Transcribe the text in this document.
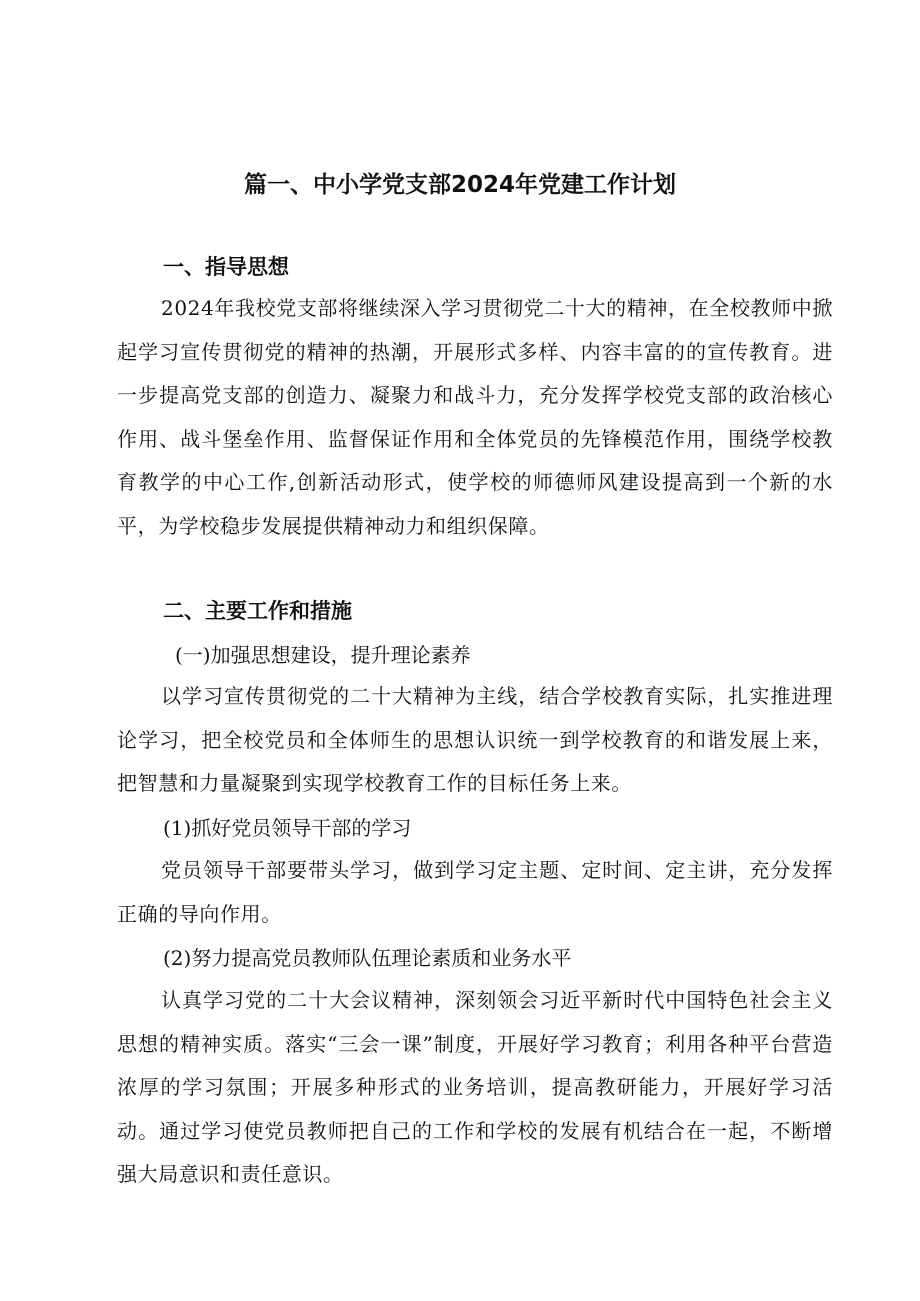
篇一、中小学党支部2024年党建工作计划
一、指导思想

2024年我校党支部将继续深入学习贯彻党二十大的精神，在全校教师中掀起学习宣传贯彻党的精神的热潮，开展形式多样、内容丰富的的宣传教育。进一步提高党支部的创造力、凝聚力和战斗力，充分发挥学校党支部的政治核心作用、战斗堡垒作用、监督保证作用和全体党员的先锋模范作用，围绕学校教育教学的中心工作,创新活动形式，使学校的师德师风建设提高到一个新的水平，为学校稳步发展提供精神动力和组织保障。

二、主要工作和措施

(一)加强思想建设，提升理论素养

以学习宣传贯彻党的二十大精神为主线，结合学校教育实际，扎实推进理论学习，把全校党员和全体师生的思想认识统一到学校教育的和谐发展上来，把智慧和力量凝聚到实现学校教育工作的目标任务上来。

(1)抓好党员领导干部的学习

党员领导干部要带头学习，做到学习定主题、定时间、定主讲，充分发挥正确的导向作用。

(2)努力提高党员教师队伍理论素质和业务水平

认真学习党的二十大会议精神，深刻领会习近平新时代中国特色社会主义思想的精神实质。落实“三会一课”制度，开展好学习教育；利用各种平台营造浓厚的学习氛围；开展多种形式的业务培训，提高教研能力，开展好学习活动。通过学习使党员教师把自己的工作和学校的发展有机结合在一起，不断增强大局意识和责任意识。
